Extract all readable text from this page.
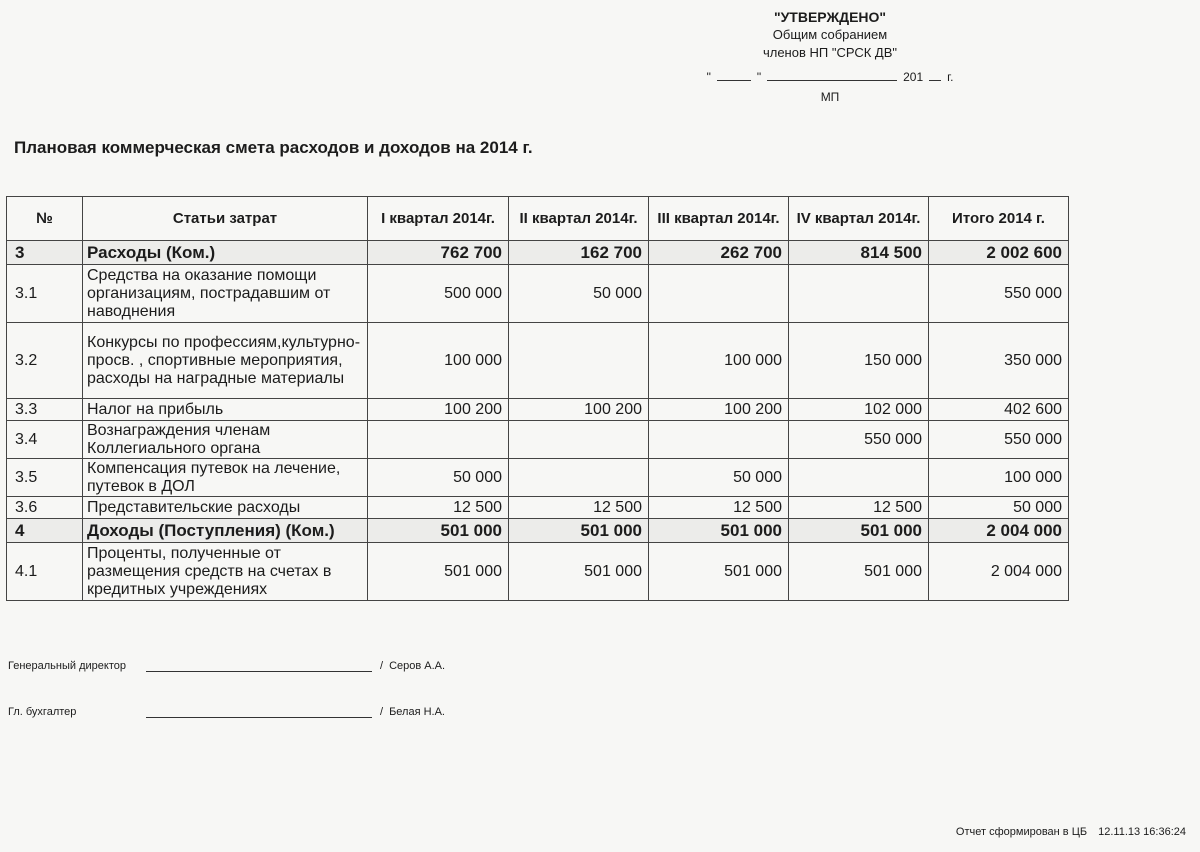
"УТВЕРЖДЕНО"
Общим собранием
членов НП "СРСК ДВ"
"	"	201 г.
МП
Плановая коммерческая смета расходов и доходов на 2014 г.
№	Статьи затрат	I квартал 2014г.	II квартал 2014г.	III квартал 2014г.	IV квартал 2014г.	Итого 2014 г.
3	Расходы (Ком.)	762 700	162 700	262 700	814 500	2 002 600
3.1	Средства на оказание помощи организациям, пострадавшим от наводнения	500 000	50 000			550 000
3.2	Конкурсы по профессиям,культурно-просв. , спортивные мероприятия, расходы на наградные материалы	100 000		100 000	150 000	350 000
3.3	Налог на прибыль	100 200	100 200	100 200	102 000	402 600
3.4	Вознаграждения членам Коллегиального органа				550 000	550 000
3.5	Компенсация путевок на лечение, путевок в ДОЛ	50 000		50 000		100 000
3.6	Представительские расходы	12 500	12 500	12 500	12 500	50 000
4	Доходы (Поступления) (Ком.)	501 000	501 000	501 000	501 000	2 004 000
4.1	Проценты, полученные от размещения средств на счетах в кредитных учреждениях	501 000	501 000	501 000	501 000	2 004 000
Генеральный директор	/ Серов А.А.
Гл. бухгалтер	/ Белая Н.А.
Отчет сформирован в ЦБ 12.11.13 16:36:24
